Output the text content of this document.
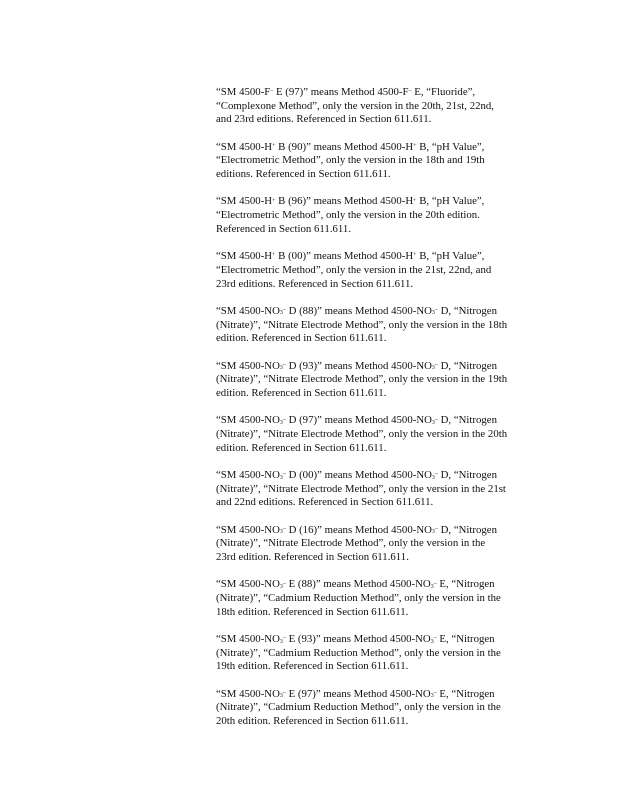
“SM 4500-F– E (97)” means Method 4500-F– E, “Fluoride”,
“Complexone Method”, only the version in the 20th, 21st, 22nd,
and 23rd editions. Referenced in Section 611.611.

“SM 4500-H+ B (90)” means Method 4500-H+ B, “pH Value”,
“Electrometric Method”, only the version in the 18th and 19th
editions. Referenced in Section 611.611.

“SM 4500-H+ B (96)” means Method 4500-H+ B, “pH Value”,
“Electrometric Method”, only the version in the 20th edition.
Referenced in Section 611.611.

“SM 4500-H+ B (00)” means Method 4500-H+ B, “pH Value”,
“Electrometric Method”, only the version in the 21st, 22nd, and
23rd editions. Referenced in Section 611.611.

“SM $4500-NO_3^-$ D (88)” means Method $4500-NO_3^-$ D, “Nitrogen
(Nitrate)”, “Nitrate Electrode Method”, only the version in the 18th
edition. Referenced in Section 611.611.

“SM $4500-NO_3^-$ D (93)” means Method $4500-NO_3^-$ D, “Nitrogen
(Nitrate)”, “Nitrate Electrode Method”, only the version in the 19th
edition. Referenced in Section 611.611.

“SM $4500-NO_3^-$ D (97)” means Method $4500-NO_3^-$ D, “Nitrogen
(Nitrate)”, “Nitrate Electrode Method”, only the version in the 20th
edition. Referenced in Section 611.611.

“SM $4500-NO_3^-$ D (00)” means Method $4500-NO_3^-$ D, “Nitrogen
(Nitrate)”, “Nitrate Electrode Method”, only the version in the 21st
and 22nd editions. Referenced in Section 611.611.

“SM $4500-NO_3^-$ D (16)” means Method $4500-NO_3^-$ D, “Nitrogen
(Nitrate)”, “Nitrate Electrode Method”, only the version in the
23rd edition. Referenced in Section 611.611.

“SM $4500-NO_3^-$ E (88)” means Method $4500-NO_3^-$ E, “Nitrogen
(Nitrate)”, “Cadmium Reduction Method”, only the version in the
18th edition. Referenced in Section 611.611.

“SM $4500-NO_3^-$ E (93)” means Method $4500-NO_3^-$ E, “Nitrogen
(Nitrate)”, “Cadmium Reduction Method”, only the version in the
19th edition. Referenced in Section 611.611.

“SM $4500-NO_3^-$ E (97)” means Method $4500-NO_3^-$ E, “Nitrogen
(Nitrate)”, “Cadmium Reduction Method”, only the version in the
20th edition. Referenced in Section 611.611.
